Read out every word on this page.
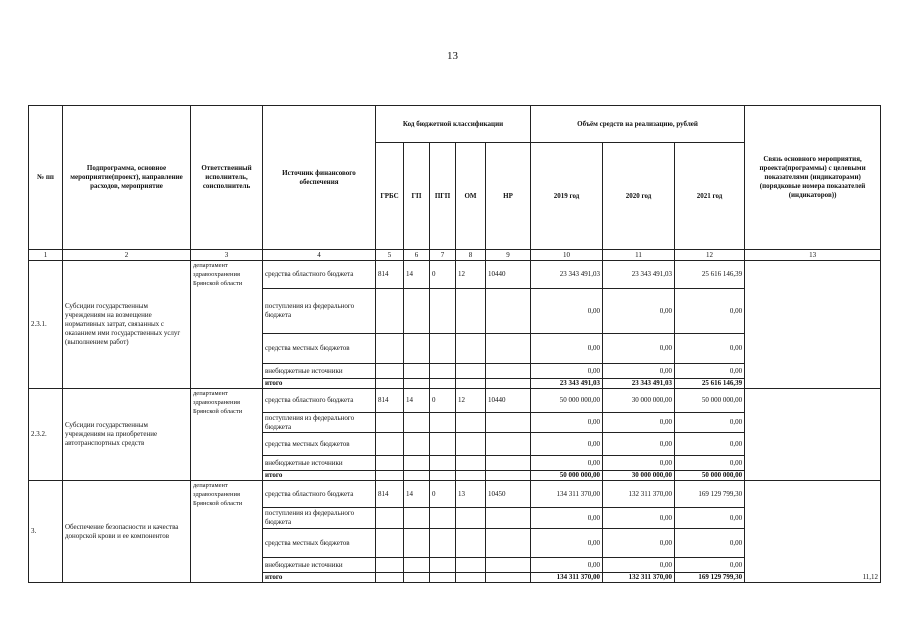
13
№ пп	Подпрограмма, основное мероприятие(проект), направление расходов, мероприятие	Ответственный исполнитель, соисполнитель	Источник финансового обеспечения	Код бюджетной классификации					Объём средств на реализацию, рублей			Связь основного мероприятия, проекта(программы) с целевыми показателями (индикаторами) (порядковые номера показателей (индикаторов))
				ГРБС	ГП	ПГП	ОМ	НР	2019 год	2020 год	2021 год	
1	2	3	4	5	6	7	8	9	10	11	12	13
2.3.1.	Субсидии государственным учреждениям на возмещение нормативных затрат, связанных с оказанием ими государственных услуг (выполнением работ)	департамент здравоохранения Брянской области	средства областного бюджета	814	14	0	12	10440	23 343 491,03	23 343 491,03	25 616 146,39	
			поступления из федерального бюджета						0,00	0,00	0,00	
			средства местных бюджетов						0,00	0,00	0,00	
			внебюджетные источники						0,00	0,00	0,00	
			итого						23 343 491,03	23 343 491,03	25 616 146,39	
2.3.2.	Субсидии государственным учреждениям на приобретение автотранспортных средств	департамент здравоохранения Брянской области	средства областного бюджета	814	14	0	12	10440	50 000 000,00	30 000 000,00	50 000 000,00	
			поступления из федерального бюджета						0,00	0,00	0,00	
			средства местных бюджетов						0,00	0,00	0,00	
			внебюджетные источники						0,00	0,00	0,00	
			итого						50 000 000,00	30 000 000,00	50 000 000,00	
3.	Обеспечение безопасности и качества донорской крови и ее компонентов	департамент здравоохранения Брянской области	средства областного бюджета	814	14	0	13	10450	134 311 370,00	132 311 370,00	169 129 799,30	11,12
			поступления из федерального бюджета						0,00	0,00	0,00	
			средства местных бюджетов						0,00	0,00	0,00	
			внебюджетные источники						0,00	0,00	0,00	
			итого						134 311 370,00	132 311 370,00	169 129 799,30	
